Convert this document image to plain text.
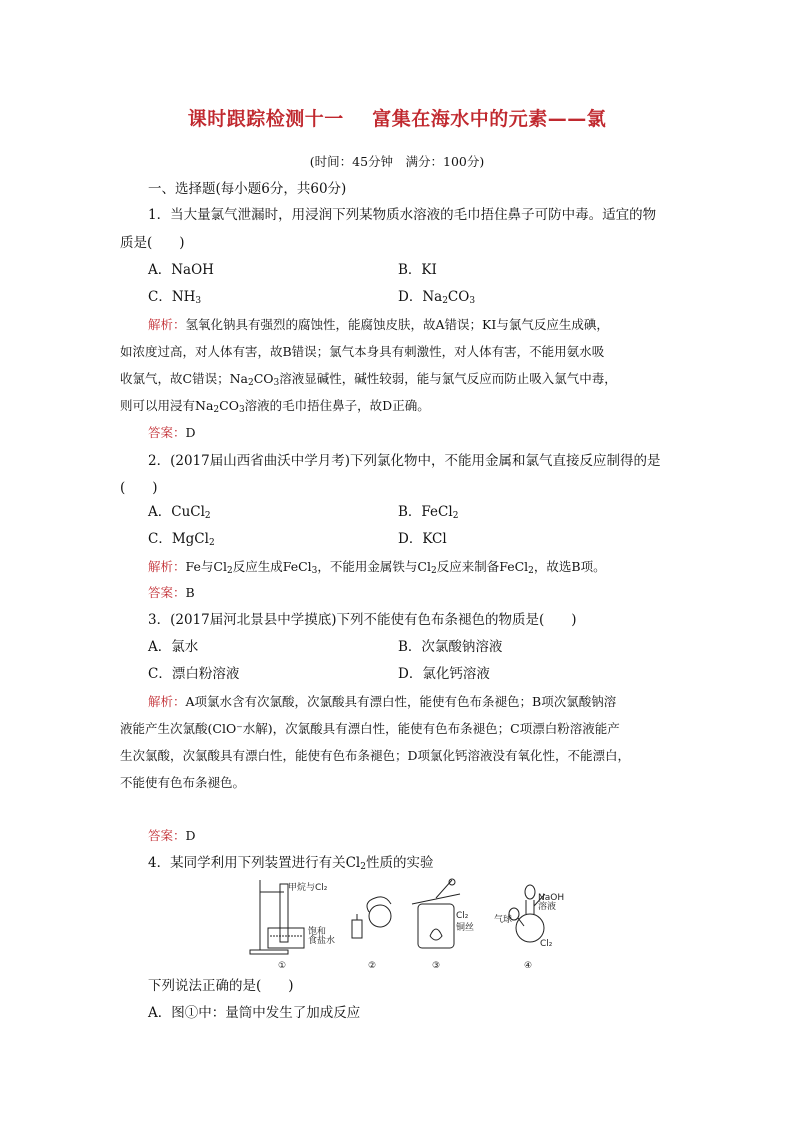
课时跟踪检测十一 富集在海水中的元素——氯
(时间：45分钟　满分：100分)
一、选择题(每小题6分，共60分)
1．当大量氯气泄漏时，用浸润下列某物质水溶液的毛巾捂住鼻子可防中毒。适宜的物
质是(　　)
A．NaOH	B．KI
C．$NH_3$	D．$Na_2CO_3$
解析 ： 氢氧化钠具有强烈的腐蚀性，能腐蚀皮肤，故A错误；KI与氯气反应生成碘，
如浓度过高，对人体有害，故B错误；氯气本身具有刺激性，对人体有害，不能用氨水吸
收氯气，故C错误；$Na_2CO_3$溶液显碱性，碱性较弱，能与氯气反应而防止吸入氯气中毒，
则可以用浸有$Na_2CO_3$溶液的毛巾捂住鼻子，故D正确。
答案 ： D
2．(2017届山西省曲沃中学月考)下列氯化物中，不能用金属和氯气直接反应制得的是
(　　)
A．CuCl$_2$	B．FeCl$_2$
C．MgCl$_2$	D．KCl
解析 ： Fe与$Cl_2$反应生成FeCl$_3$，不能用金属铁与$Cl_2$反应来制备FeCl$_2$，故选B项。
答案 ： B
3．(2017届河北景县中学摸底)下列不能使有色布条褪色的物质是(　　)
A．氯水	B．次氯酸钠溶液
C．漂白粉溶液	D．氯化钙溶液
解析 ： A项氯水含有次氯酸，次氯酸具有漂白性，能使有色布条褪色；B项次氯酸钠溶
液能产生次氯酸(ClO⁻水解)，次氯酸具有漂白性，能使有色布条褪色；C项漂白粉溶液能产
生次氯酸，次氯酸具有漂白性，能使有色布条褪色；D项氯化钙溶液没有氧化性，不能漂白，
不能使有色布条褪色。
答案 ： D
4．某同学利用下列装置进行有关$Cl_2$性质的实验
甲烷与Cl₂
饱和
食盐水
Cl₂
铜丝
气球
NaOH
溶液
Cl₂
①	②	③	④
下列说法正确的是(　　)
A．图①中：量筒中发生了加成反应
